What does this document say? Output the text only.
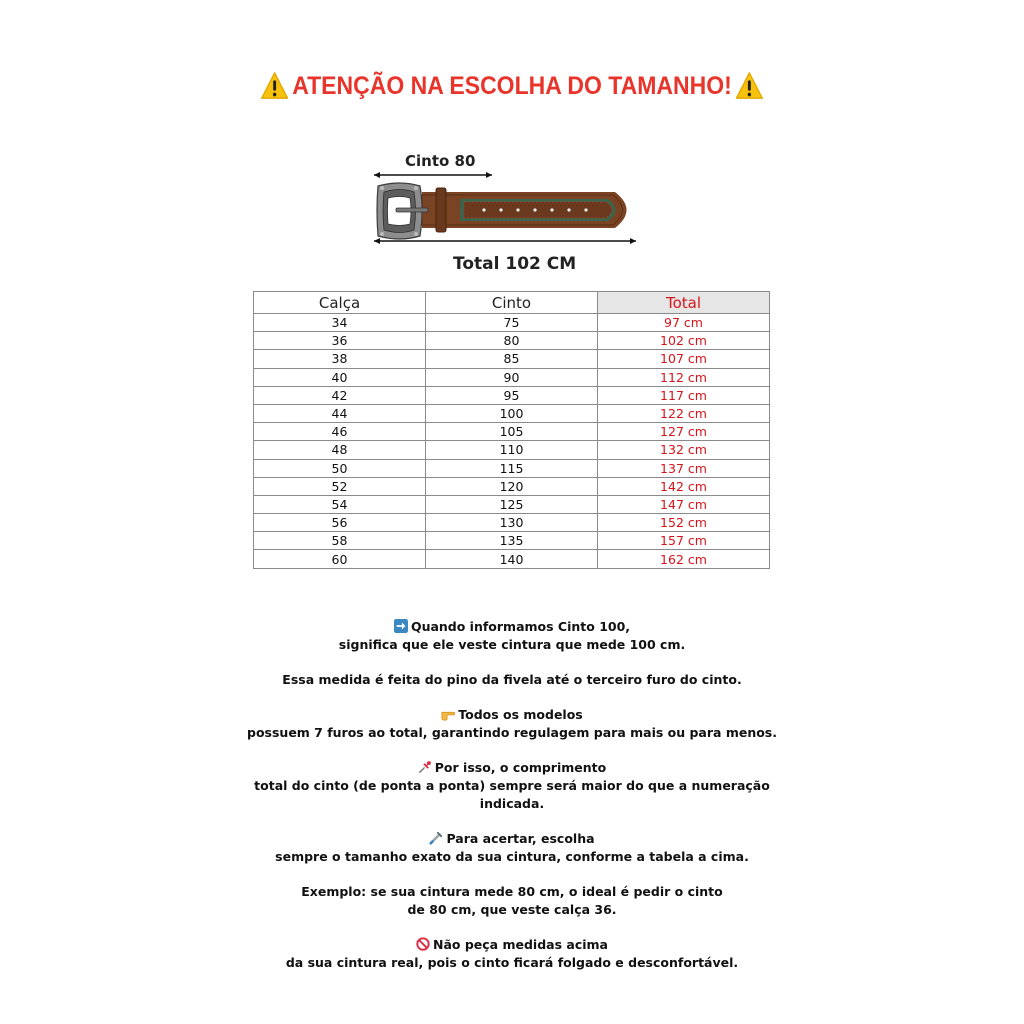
ATENÇÃO NA ESCOLHA DO TAMANHO!
Cinto 80
Total 102 CM
Calça	Cinto	Total
34	75	97 cm
36	80	102 cm
38	85	107 cm
40	90	112 cm
42	95	117 cm
44	100	122 cm
46	105	127 cm
48	110	132 cm
50	115	137 cm
52	120	142 cm
54	125	147 cm
56	130	152 cm
58	135	157 cm
60	140	162 cm

Quando informamos Cinto 100,
significa que ele veste cintura que mede 100 cm.

Essa medida é feita do pino da fivela até o terceiro furo do cinto.

Todos os modelos
possuem 7 furos ao total, garantindo regulagem para mais ou para menos.

Por isso, o comprimento
total do cinto (de ponta a ponta) sempre será maior do que a numeração
indicada.

Para acertar, escolha
sempre o tamanho exato da sua cintura, conforme a tabela a cima.

Exemplo: se sua cintura mede 80 cm, o ideal é pedir o cinto
de 80 cm, que veste calça 36.

Não peça medidas acima
da sua cintura real, pois o cinto ficará folgado e desconfortável.
